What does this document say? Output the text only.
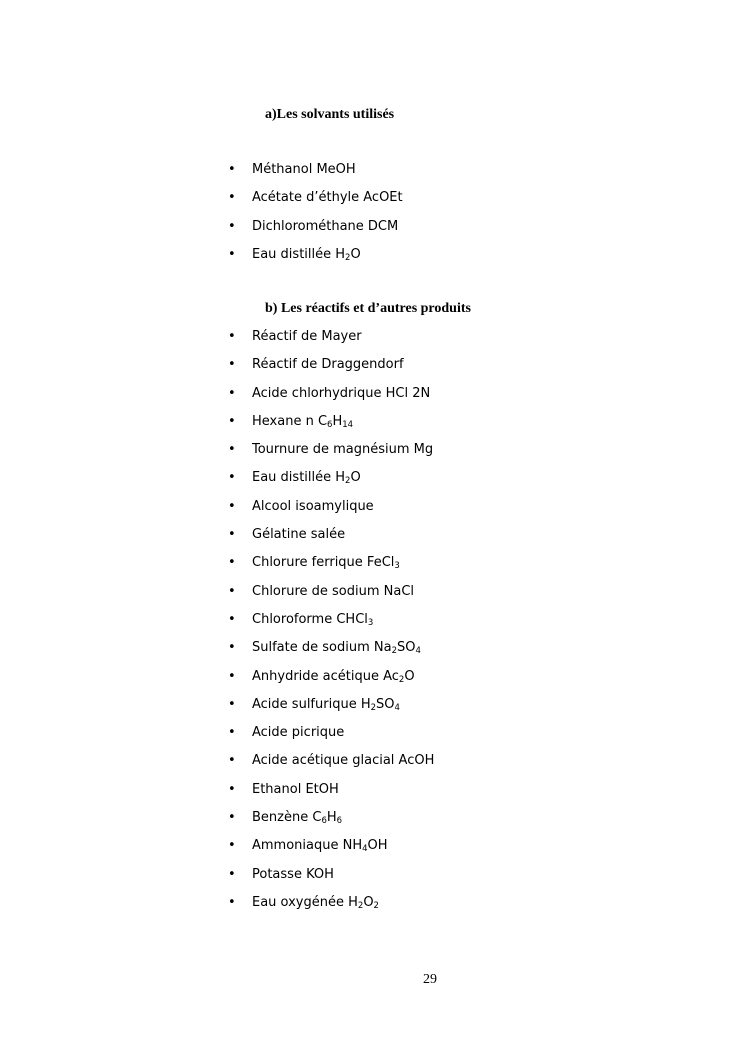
a)Les solvants utilisés
• Méthanol MeOH
• Acétate d’éthyle AcOEt
• Dichlorométhane DCM
• Eau distillée $H_2O$
b) Les réactifs et d’autres produits
• Réactif de Mayer
• Réactif de Draggendorf
• Acide chlorhydrique HCl 2N
• Hexane n $C_6H_{14}$
• Tournure de magnésium Mg
• Eau distillée $H_2O$
• Alcool isoamylique
• Gélatine salée
• Chlorure ferrique FeCl$_3$
• Chlorure de sodium NaCl
• Chloroforme CHCl$_3$
• Sulfate de sodium $Na_2SO_4$
• Anhydride acétique $Ac_2O$
• Acide sulfurique $H_2SO_4$
• Acide picrique
• Acide acétique glacial AcOH
• Ethanol EtOH
• Benzène $C_6H_6$
• Ammoniaque $NH_4OH$
• Potasse KOH
• Eau oxygénée $H_2O_2$
29
